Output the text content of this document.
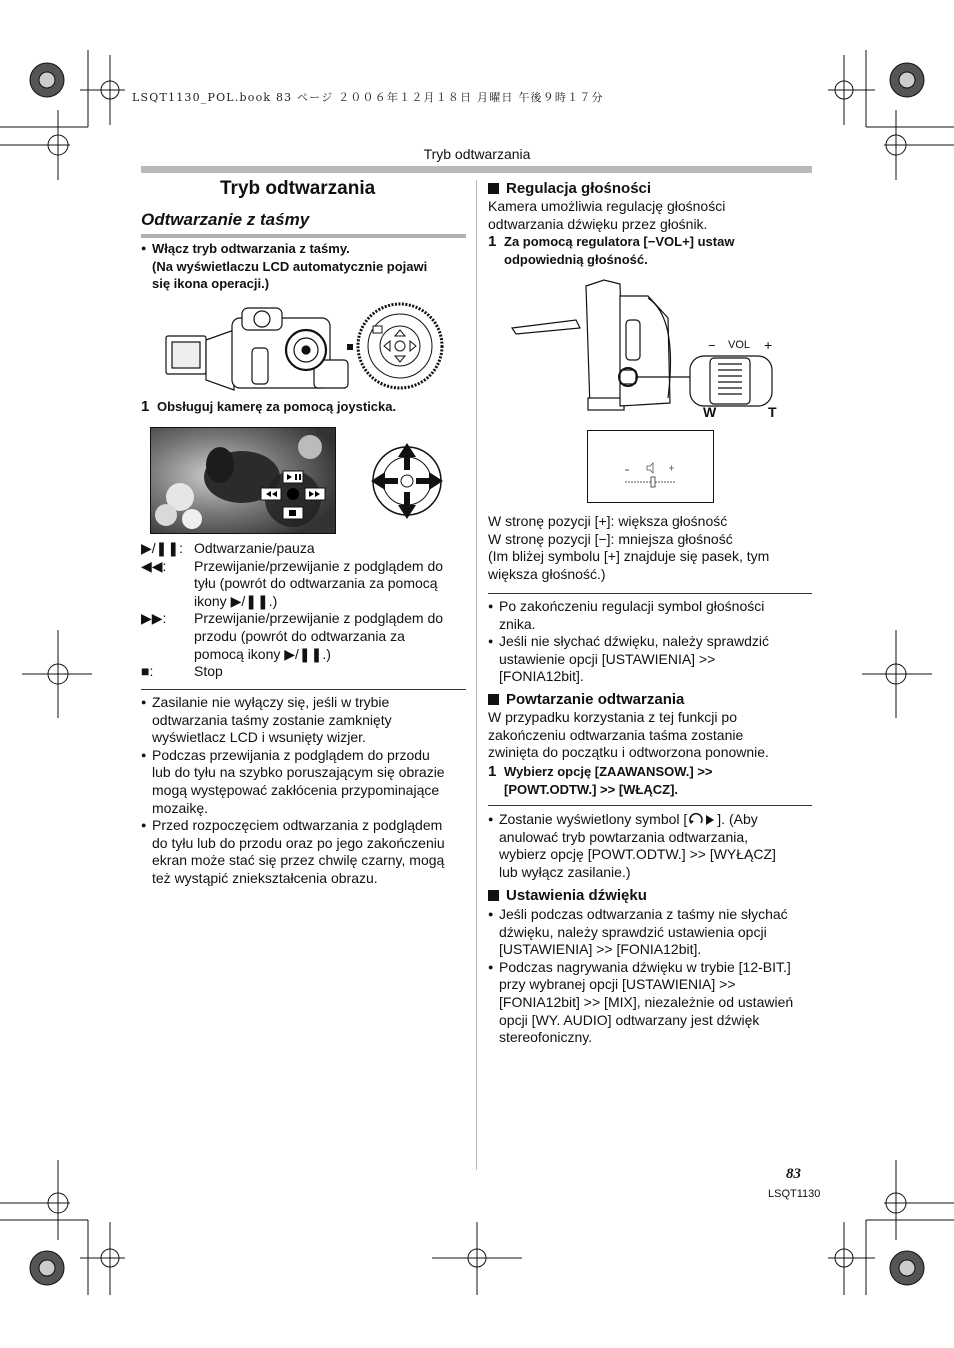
LSQT1130_POL.book 83 ページ ２００６年１２月１８日 月曜日 午後９時１７分
Tryb odtwarzania
Tryb odtwarzania
Odtwarzanie z taśmy
● Włącz tryb odtwarzania z taśmy.
(Na wyświetlaczu LCD automatycznie pojawi
się ikona operacji.)
1 Obsługuj kamerę za pomocą joysticka.
▶/❚❚: Odtwarzanie/pauza
◀◀:	Przewijanie/przewijanie z podglądem do
tyłu (powrót do odtwarzania za pomocą
ikony ▶/❚❚.)
▶▶:	Przewijanie/przewijanie z podglądem do
przodu (powrót do odtwarzania za
pomocą ikony ▶/❚❚.)
■:	Stop
● Zasilanie nie wyłączy się, jeśli w trybie
odtwarzania taśmy zostanie zamknięty
wyświetlacz LCD i wsunięty wizjer.
● Podczas przewijania z podglądem do przodu
lub do tyłu na szybko poruszającym się obrazie
mogą występować zakłócenia przypominające
mozaikę.
● Przed rozpoczęciem odtwarzania z podglądem
do tyłu lub do przodu oraz po jego zakończeniu
ekran może stać się przez chwilę czarny, mogą
też wystąpić zniekształcenia obrazu.
Regulacja głośności
Kamera umożliwia regulację głośności
odtwarzania dźwięku przez głośnik.
1 Za pomocą regulatora [−VOL+] ustaw
odpowiednią głośność.
− VOL +
W	T
W stronę pozycji [+]: większa głośność
W stronę pozycji [−]: mniejsza głośność
(Im bliżej symbolu [+] znajduje się pasek, tym
większa głośność.)
● Po zakończeniu regulacji symbol głośności
znika.
● Jeśli nie słychać dźwięku, należy sprawdzić
ustawienie opcji [USTAWIENIA] >>
[FONIA12bit].
Powtarzanie odtwarzania
W przypadku korzystania z tej funkcji po
zakończeniu odtwarzania taśma zostanie
zwinięta do początku i odtworzona ponownie.
1 Wybierz opcję [ZAAWANSOW.] >>
[POWT.ODTW.] >> [WŁĄCZ].
● Zostanie wyświetlony symbol [ ]. (Aby
anulować tryb powtarzania odtwarzania,
wybierz opcję [POWT.ODTW.] >> [WYŁĄCZ]
lub wyłącz zasilanie.)
Ustawienia dźwięku
● Jeśli podczas odtwarzania z taśmy nie słychać
dźwięku, należy sprawdzić ustawienia opcji
[USTAWIENIA] >> [FONIA12bit].
● Podczas nagrywania dźwięku w trybie [12-BIT.]
przy wybranej opcji [USTAWIENIA] >>
[FONIA12bit] >> [MIX], niezależnie od ustawień
opcji [WY. AUDIO] odtwarzany jest dźwięk
stereofoniczny.
83
LSQT1130
